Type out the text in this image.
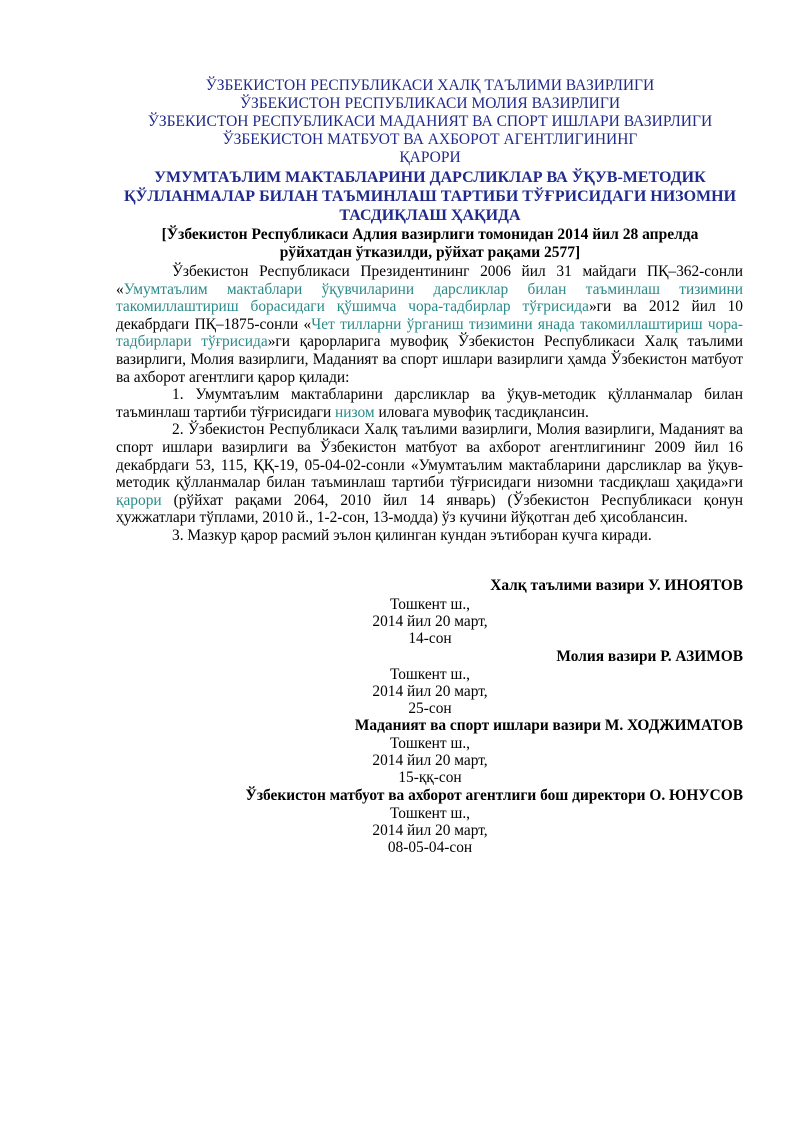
ЎЗБЕКИСТОН РЕСПУБЛИКАСИ ХАЛҚ ТАЪЛИМИ ВАЗИРЛИГИ
ЎЗБЕКИСТОН РЕСПУБЛИКАСИ МОЛИЯ ВАЗИРЛИГИ
ЎЗБЕКИСТОН РЕСПУБЛИКАСИ МАДАНИЯТ ВА СПОРТ ИШЛАРИ ВАЗИРЛИГИ
ЎЗБЕКИСТОН МАТБУОТ ВА АХБОРОТ АГЕНТЛИГИНИНГ
ҚАРОРИ
УМУМТАЪЛИМ МАКТАБЛАРИНИ ДАРСЛИКЛАР ВА ЎҚУВ-МЕТОДИК
ҚЎЛЛАНМАЛАР БИЛАН ТАЪМИНЛАШ ТАРТИБИ ТЎҒРИСИДАГИ НИЗОМНИ
ТАСДИҚЛАШ ҲАҚИДА
[Ўзбекистон Республикаси Адлия вазирлиги томонидан 2014 йил 28 апрелда
рўйхатдан ўтказилди, рўйхат рақами 2577]

Ўзбекистон Республикаси Президентининг 2006 йил 31 майдаги ПҚ–362-сонли «Умумтаълим мактаблари ўқувчиларини дарсликлар билан таъминлаш тизимини такомиллаштириш борасидаги қўшимча чора-тадбирлар тўғрисида»ги ва 2012 йил 10 декабрдаги ПҚ–1875-сонли «Чет тилларни ўрганиш тизимини янада такомиллаштириш чора-тадбирлари тўғрисида»ги қарорларига мувофиқ Ўзбекистон Республикаси Халқ таълими вазирлиги, Молия вазирлиги, Маданият ва спорт ишлари вазирлиги ҳамда Ўзбекистон матбуот ва ахборот агентлиги қарор қилади:

1. Умумтаълим мактабларини дарсликлар ва ўқув-методик қўлланмалар билан таъминлаш тартиби тўғрисидаги низом иловага мувофиқ тасдиқлансин.

2. Ўзбекистон Республикаси Халқ таълими вазирлиги, Молия вазирлиги, Маданият ва спорт ишлари вазирлиги ва Ўзбекистон матбуот ва ахборот агентлигининг 2009 йил 16 декабрдаги 53, 115, ҚҚ-19, 05-04-02-сонли «Умумтаълим мактабларини дарсликлар ва ўқув-методик қўлланмалар билан таъминлаш тартиби тўғрисидаги низомни тасдиқлаш ҳақида»ги қарори (рўйхат рақами 2064, 2010 йил 14 январь) (Ўзбекистон Республикаси қонун ҳужжатлари тўплами, 2010 й., 1-2-сон, 13-модда) ўз кучини йўқотган деб ҳисоблансин.

3. Мазкур қарор расмий эълон қилинган кундан эътиборан кучга киради.

Халқ таълими вазири У. ИНОЯТОВ
Тошкент ш.,
2014 йил 20 март,
14-сон
Молия вазири Р. АЗИМОВ
Тошкент ш.,
2014 йил 20 март,
25-сон
Маданият ва спорт ишлари вазири М. ХОДЖИМАТОВ
Тошкент ш.,
2014 йил 20 март,
15-ққ-сон
Ўзбекистон матбуот ва ахборот агентлиги бош директори О. ЮНУСОВ
Тошкент ш.,
2014 йил 20 март,
08-05-04-сон
